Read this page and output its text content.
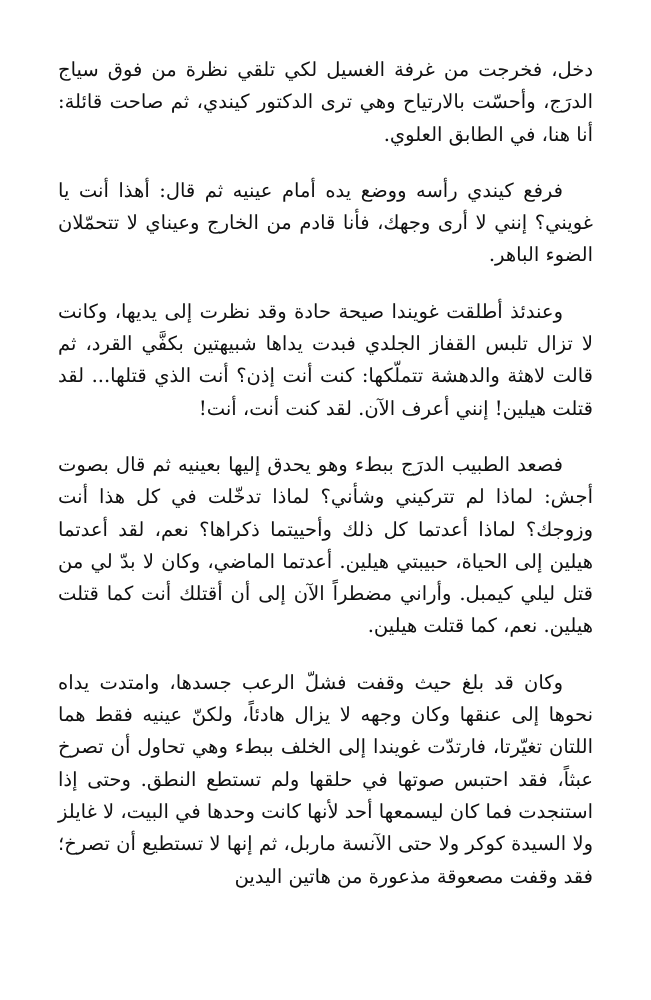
دخل، فخرجت من غرفة الغسيل لكي تلقي نظرة من فوق سياج الدرَج، وأحسّت بالارتياح وهي ترى الدكتور كيندي، ثم صاحت قائلة: أنا هنا، في الطابق العلوي.

فرفع كيندي رأسه ووضع يده أمام عينيه ثم قال: أهذا أنت يا غويني؟ إنني لا أرى وجهك، فأنا قادم من الخارج وعيناي لا تتحمّلان الضوء الباهر.

وعندئذ أطلقت غويندا صيحة حادة وقد نظرت إلى يديها، وكانت لا تزال تلبس القفاز الجلدي فبدت يداها شبيهتين بكفَّي القرد، ثم قالت لاهثة والدهشة تتملّكها: كنت أنت إذن؟ أنت الذي قتلها... لقد قتلت هيلين! إنني أعرف الآن. لقد كنت أنت، أنت!

فصعد الطبيب الدرَج ببطء وهو يحدق إليها بعينيه ثم قال بصوت أجش: لماذا لم تتركيني وشأني؟ لماذا تدخّلت في كل هذا أنت وزوجك؟ لماذا أعدتما كل ذلك وأحييتما ذكراها؟ نعم، لقد أعدتما هيلين إلى الحياة، حبيبتي هيلين. أعدتما الماضي، وكان لا بدّ لي من قتل ليلي كيمبل. وأراني مضطراً الآن إلى أن أقتلك أنت كما قتلت هيلين. نعم، كما قتلت هيلين.

وكان قد بلغ حيث وقفت فشلّ الرعب جسدها، وامتدت يداه نحوها إلى عنقها وكان وجهه لا يزال هادئاً، ولكنّ عينيه فقط هما اللتان تغيّرتا، فارتدّت غويندا إلى الخلف ببطء وهي تحاول أن تصرخ عبثاً، فقد احتبس صوتها في حلقها ولم تستطع النطق. وحتى إذا استنجدت فما كان ليسمعها أحد لأنها كانت وحدها في البيت، لا غايلز ولا السيدة كوكر ولا حتى الآنسة ماربل، ثم إنها لا تستطيع أن تصرخ؛ فقد وقفت مصعوقة مذعورة من هاتين اليدين
